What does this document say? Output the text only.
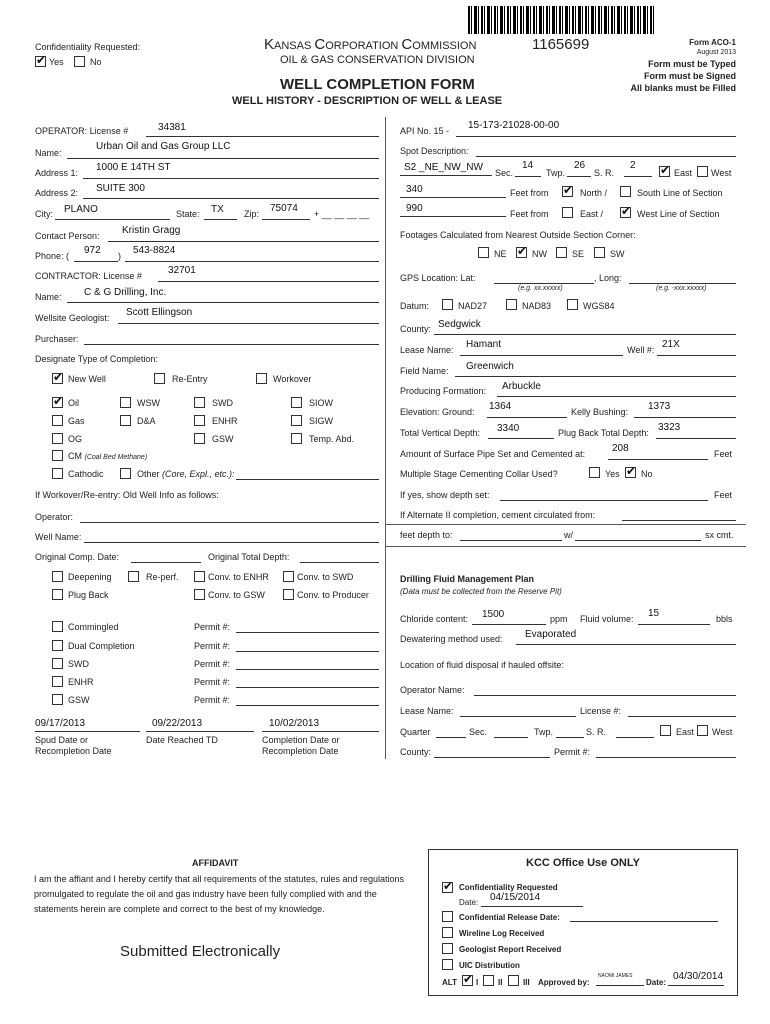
Confidentiality Requested:
✔
Yes	No
KANSAS CORPORATION COMMISSION
OIL & GAS CONSERVATION DIVISION
1165699	Form ACO-1
August 2013
Form must be Typed
Form must be Signed
All blanks must be Filled
WELL COMPLETION FORM
WELL HISTORY - DESCRIPTION OF WELL & LEASE
OPERATOR: License #	34381
Name:
Urban Oil and Gas Group LLC
Address 1: 1000 E 14TH ST
Address 2: SUITE 300
City: PLANO	State: TX Zip: 75074 + __ __ __ __
Contact Person: Kristin Gragg
Phone: ( 972 ) 543-8824
CONTRACTOR: License #	32701
Name: C & G Drilling, Inc.
Wellsite Geologist: Scott Ellingson
Purchaser:
Designate Type of Completion:
✔
New Well	Re-Entry	Workover
✔
Oil	WSW	SWD	SIOW
Gas	D&A	ENHR	SIGW
OG	GSW	Temp. Abd.
CM (Coal Bed Methane)
Cathodic	Other (Core, Expl., etc.):
If Workover/Re-entry: Old Well Info as follows:
Operator:
Well Name:
Original Comp. Date:	Original Total Depth:
Deepening	Re-perf.	Conv. to ENHR	Conv. to SWD
Plug Back	Conv. to GSW	Conv. to Producer
Commingled	Permit #:
Dual Completion	Permit #:
SWD	Permit #:
ENHR	Permit #:
GSW	Permit #:
09/17/2013
Spud Date or
Recompletion Date
09/22/2013
Date Reached TD
10/02/2013
Completion Date or
Recompletion Date
API No. 15 - 15-173-21028-00-00
Spot Description:
S2 _NE_NW_NW Sec.
14
Twp.
26
S. R.
2
✔
East West
340	Feet from ✔	North /	South Line of Section
990	Feet from	East / ✔	West Line of Section
Footages Calculated from Nearest Outside Section Corner:
NE ✔	NW	SE	SW
GPS Location: Lat:	, Long:
(e.g. xx.xxxxx)	(e.g. -xxx.xxxxx)
Datum:	NAD27	NAD83	WGS84
County: Sedgwick
Lease Name: Hamant	Well #: 21X
Field Name: Greenwich
Producing Formation: Arbuckle
Elevation: Ground: 1364	Kelly Bushing: 1373
Total Vertical Depth: 3340	Plug Back Total Depth: 3323
Amount of Surface Pipe Set and Cemented at:	208	Feet
Multiple Stage Cementing Collar Used?	Yes ✔ No
If yes, show depth set:	Feet
If Alternate II completion, cement circulated from:
feet depth to:	w/	sx cmt.
Drilling Fluid Management Plan
(Data must be collected from the Reserve Pit)
Chloride content: 1500	ppm Fluid volume: 15	bbls
Dewatering method used: Evaporated
Location of fluid disposal if hauled offsite:
Operator Name:
Lease Name:	License #:
Quarter	Sec.	Twp.	S. R.	East West
County:	Permit #:
AFFIDAVIT
I am the affiant and I hereby certify that all requirements of the statutes, rules and regulations promulgated to regulate the oil and gas industry have been fully complied with and the statements herein are complete and correct to the best of my knowledge.
Submitted Electronically
KCC Office Use ONLY
✔
Confidentiality Requested
Date: 04/15/2014
Confidential Release Date:
Wireline Log Received
Geologist Report Received
UIC Distribution
ALT ✔ I II	III Approved by:
NAOMI JAMES
Date:
04/30/2014
